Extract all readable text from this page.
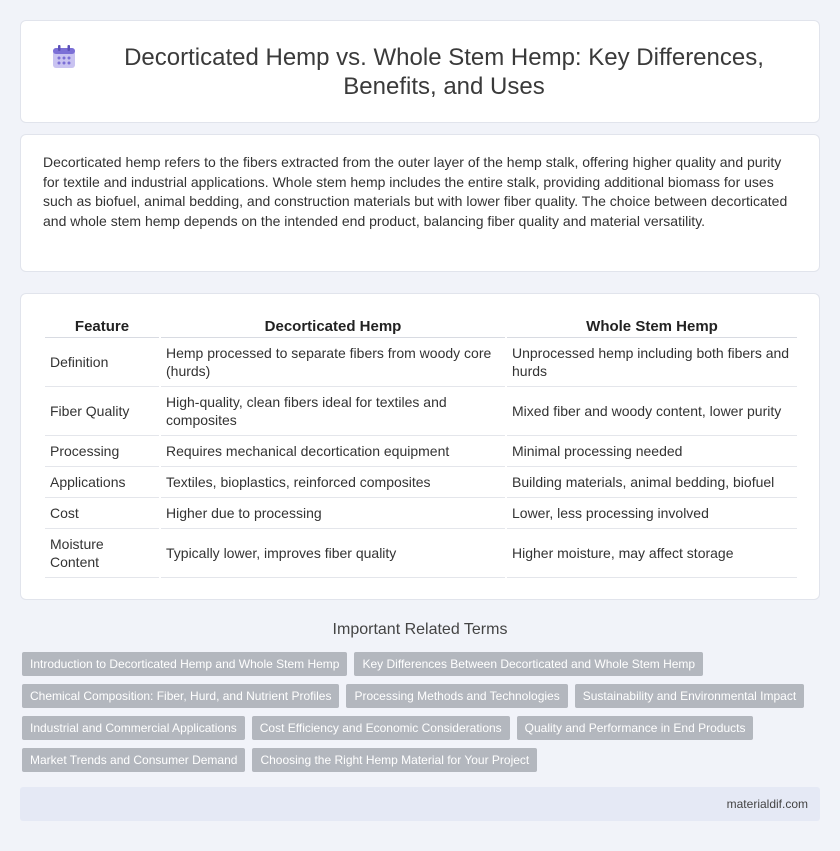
Decorticated Hemp vs. Whole Stem Hemp: Key Differences, Benefits, and Uses

Decorticated hemp refers to the fibers extracted from the outer layer of the hemp stalk, offering higher quality and purity for textile and industrial applications. Whole stem hemp includes the entire stalk, providing additional biomass for uses such as biofuel, animal bedding, and construction materials but with lower fiber quality. The choice between decorticated and whole stem hemp depends on the intended end product, balancing fiber quality and material versatility.

Feature	Decorticated Hemp	Whole Stem Hemp
Definition	Hemp processed to separate fibers from woody core (hurds)	Unprocessed hemp including both fibers and hurds
Fiber Quality	High-quality, clean fibers ideal for textiles and composites	Mixed fiber and woody content, lower purity
Processing	Requires mechanical decortication equipment	Minimal processing needed
Applications	Textiles, bioplastics, reinforced composites	Building materials, animal bedding, biofuel
Cost	Higher due to processing	Lower, less processing involved
Moisture Content	Typically lower, improves fiber quality	Higher moisture, may affect storage
Important Related Terms
Introduction to Decorticated Hemp and Whole Stem Hemp	Key Differences Between Decorticated and Whole Stem Hemp
Chemical Composition: Fiber, Hurd, and Nutrient Profiles	Processing Methods and Technologies	Sustainability and Environmental Impact
Industrial and Commercial Applications	Cost Efficiency and Economic Considerations	Quality and Performance in End Products
Market Trends and Consumer Demand	Choosing the Right Hemp Material for Your Project
materialdif.com
